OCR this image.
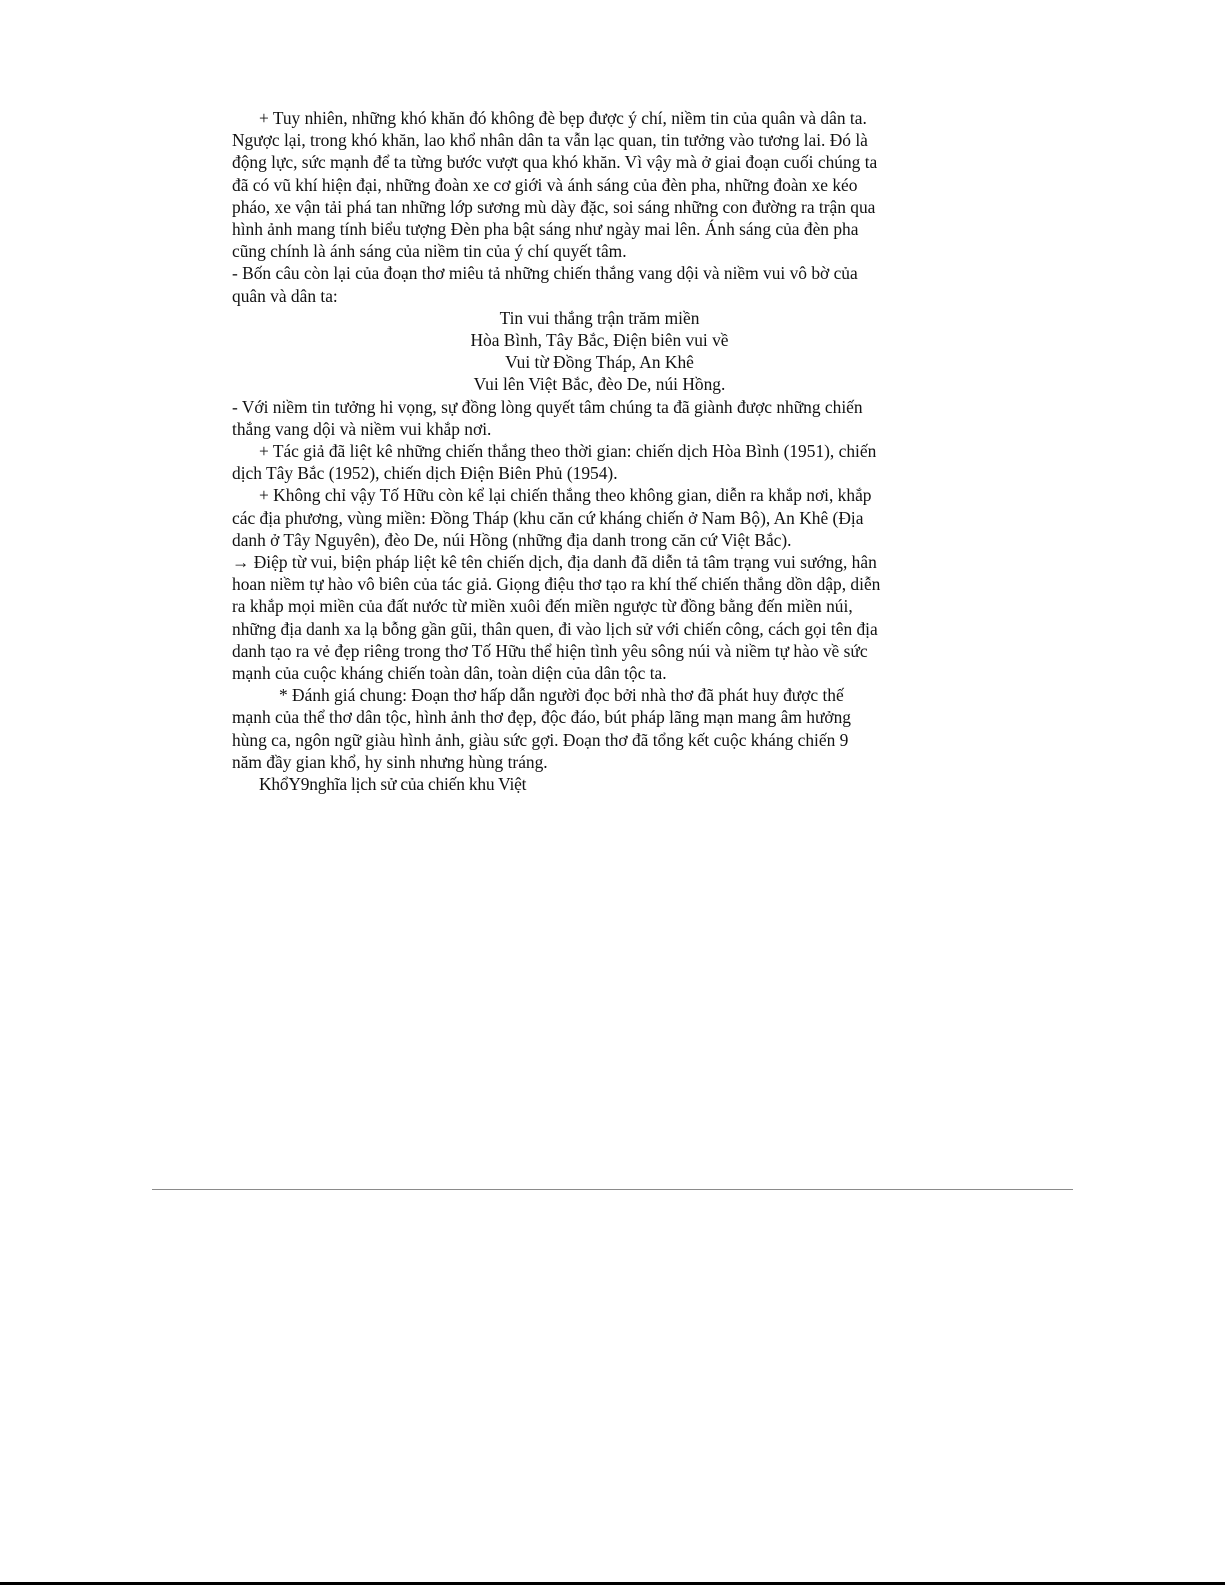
+ Tuy nhiên, những khó khăn đó không đè bẹp được ý chí, niềm tin của quân và dân ta.

Ngược lại, trong khó khăn, lao khổ nhân dân ta vẫn lạc quan, tin tưởng vào tương lai. Đó là

động lực, sức mạnh để ta từng bước vượt qua khó khăn. Vì vậy mà ở giai đoạn cuối chúng ta

đã có vũ khí hiện đại, những đoàn xe cơ giới và ánh sáng của đèn pha, những đoàn xe kéo

pháo, xe vận tải phá tan những lớp sương mù dày đặc, soi sáng những con đường ra trận qua

hình ảnh mang tính biểu tượng Đèn pha bật sáng như ngày mai lên. Ánh sáng của đèn pha

cũng chính là ánh sáng của niềm tin của ý chí quyết tâm.

- Bốn câu còn lại của đoạn thơ miêu tả những chiến thắng vang dội và niềm vui vô bờ của

quân và dân ta:

Tin vui thắng trận trăm miền

Hòa Bình, Tây Bắc, Điện biên vui về

Vui từ Đồng Tháp, An Khê

Vui lên Việt Bắc, đèo De, núi Hồng.

- Với niềm tin tưởng hi vọng, sự đồng lòng quyết tâm chúng ta đã giành được những chiến

thắng vang dội và niềm vui khắp nơi.

+ Tác giả đã liệt kê những chiến thắng theo thời gian: chiến dịch Hòa Bình (1951), chiến

dịch Tây Bắc (1952), chiến dịch Điện Biên Phủ (1954).

+ Không chỉ vậy Tố Hữu còn kể lại chiến thắng theo không gian, diễn ra khắp nơi, khắp

các địa phương, vùng miền: Đồng Tháp (khu căn cứ kháng chiến ở Nam Bộ), An Khê (Địa

danh ở Tây Nguyên), đèo De, núi Hồng (những địa danh trong căn cứ Việt Bắc).

→ Điệp từ vui, biện pháp liệt kê tên chiến dịch, địa danh đã diễn tả tâm trạng vui sướng, hân

hoan niềm tự hào vô biên của tác giả. Giọng điệu thơ tạo ra khí thế chiến thắng dồn dập, diễn

ra khắp mọi miền của đất nước từ miền xuôi đến miền ngược từ đồng bằng đến miền núi,

những địa danh xa lạ bỗng gần gũi, thân quen, đi vào lịch sử với chiến công, cách gọi tên địa

danh tạo ra vẻ đẹp riêng trong thơ Tố Hữu thể hiện tình yêu sông núi và niềm tự hào về sức

mạnh của cuộc kháng chiến toàn dân, toàn diện của dân tộc ta.

* Đánh giá chung: Đoạn thơ hấp dẫn người đọc bởi nhà thơ đã phát huy được thế

mạnh của thể thơ dân tộc, hình ảnh thơ đẹp, độc đáo, bút pháp lãng mạn mang âm hưởng

hùng ca, ngôn ngữ giàu hình ảnh, giàu sức gợi. Đoạn thơ đã tổng kết cuộc kháng chiến 9

năm đầy gian khổ, hy sinh nhưng hùng tráng.

KhổY9nghĩa lịch sử của chiến khu Việt
